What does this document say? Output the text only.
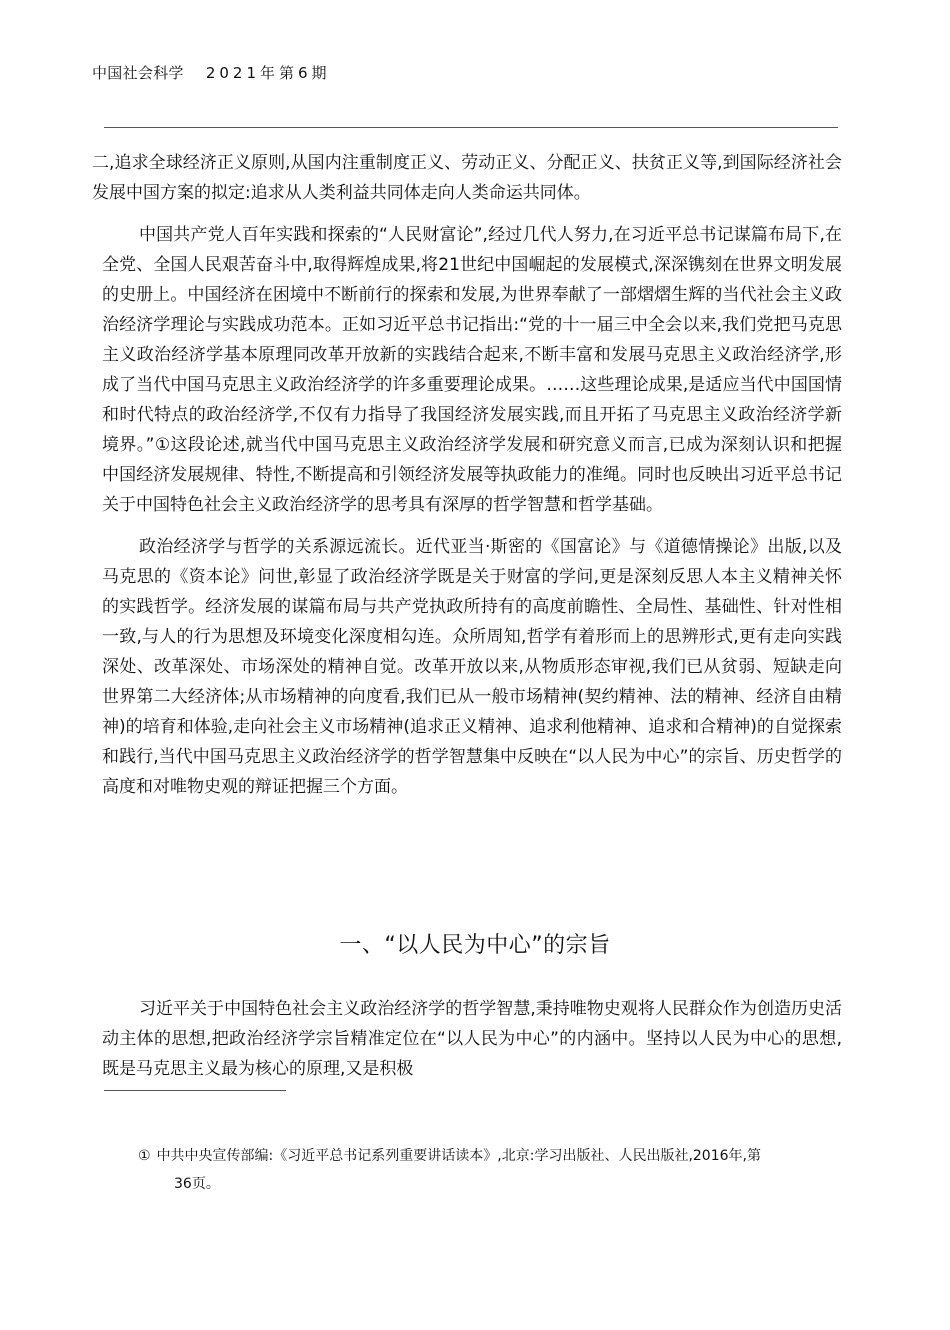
中国社会科学 2021年第6期

二,追求全球经济正义原则,从国内注重制度正义、劳动正义、分配正义、扶贫正义等,到国际经济社会发展中国方案的拟定:追求从人类利益共同体走向人类命运共同体。

中国共产党人百年实践和探索的“人民财富论”,经过几代人努力,在习近平总书记谋篇布局下,在全党、全国人民艰苦奋斗中,取得辉煌成果,将21世纪中国崛起的发展模式,深深镌刻在世界文明发展的史册上。中国经济在困境中不断前行的探索和发展,为世界奉献了一部熠熠生辉的当代社会主义政治经济学理论与实践成功范本。正如习近平总书记指出:“党的十一届三中全会以来,我们党把马克思主义政治经济学基本原理同改革开放新的实践结合起来,不断丰富和发展马克思主义政治经济学,形成了当代中国马克思主义政治经济学的许多重要理论成果。……这些理论成果,是适应当代中国国情和时代特点的政治经济学,不仅有力指导了我国经济发展实践,而且开拓了马克思主义政治经济学新境界。”①这段论述,就当代中国马克思主义政治经济学发展和研究意义而言,已成为深刻认识和把握中国经济发展规律、特性,不断提高和引领经济发展等执政能力的准绳。同时也反映出习近平总书记关于中国特色社会主义政治经济学的思考具有深厚的哲学智慧和哲学基础。

政治经济学与哲学的关系源远流长。近代亚当·斯密的《国富论》与《道德情操论》出版,以及马克思的《资本论》问世,彰显了政治经济学既是关于财富的学问,更是深刻反思人本主义精神关怀的实践哲学。经济发展的谋篇布局与共产党执政所持有的高度前瞻性、全局性、基础性、针对性相一致,与人的行为思想及环境变化深度相勾连。众所周知,哲学有着形而上的思辨形式,更有走向实践深处、改革深处、市场深处的精神自觉。改革开放以来,从物质形态审视,我们已从贫弱、短缺走向世界第二大经济体;从市场精神的向度看,我们已从一般市场精神(契约精神、法的精神、经济自由精神)的培育和体验,走向社会主义市场精神(追求正义精神、追求利他精神、追求和合精神)的自觉探索和践行,当代中国马克思主义政治经济学的哲学智慧集中反映在“以人民为中心”的宗旨、历史哲学的高度和对唯物史观的辩证把握三个方面。

一、“以人民为中心”的宗旨

习近平关于中国特色社会主义政治经济学的哲学智慧,秉持唯物史观将人民群众作为创造历史活动主体的思想,把政治经济学宗旨精准定位在“以人民为中心”的内涵中。坚持以人民为中心的思想,既是马克思主义最为核心的原理,又是积极

① 中共中央宣传部编:《习近平总书记系列重要讲话读本》,北京:学习出版社、人民出版社,2016年,第
36页。
